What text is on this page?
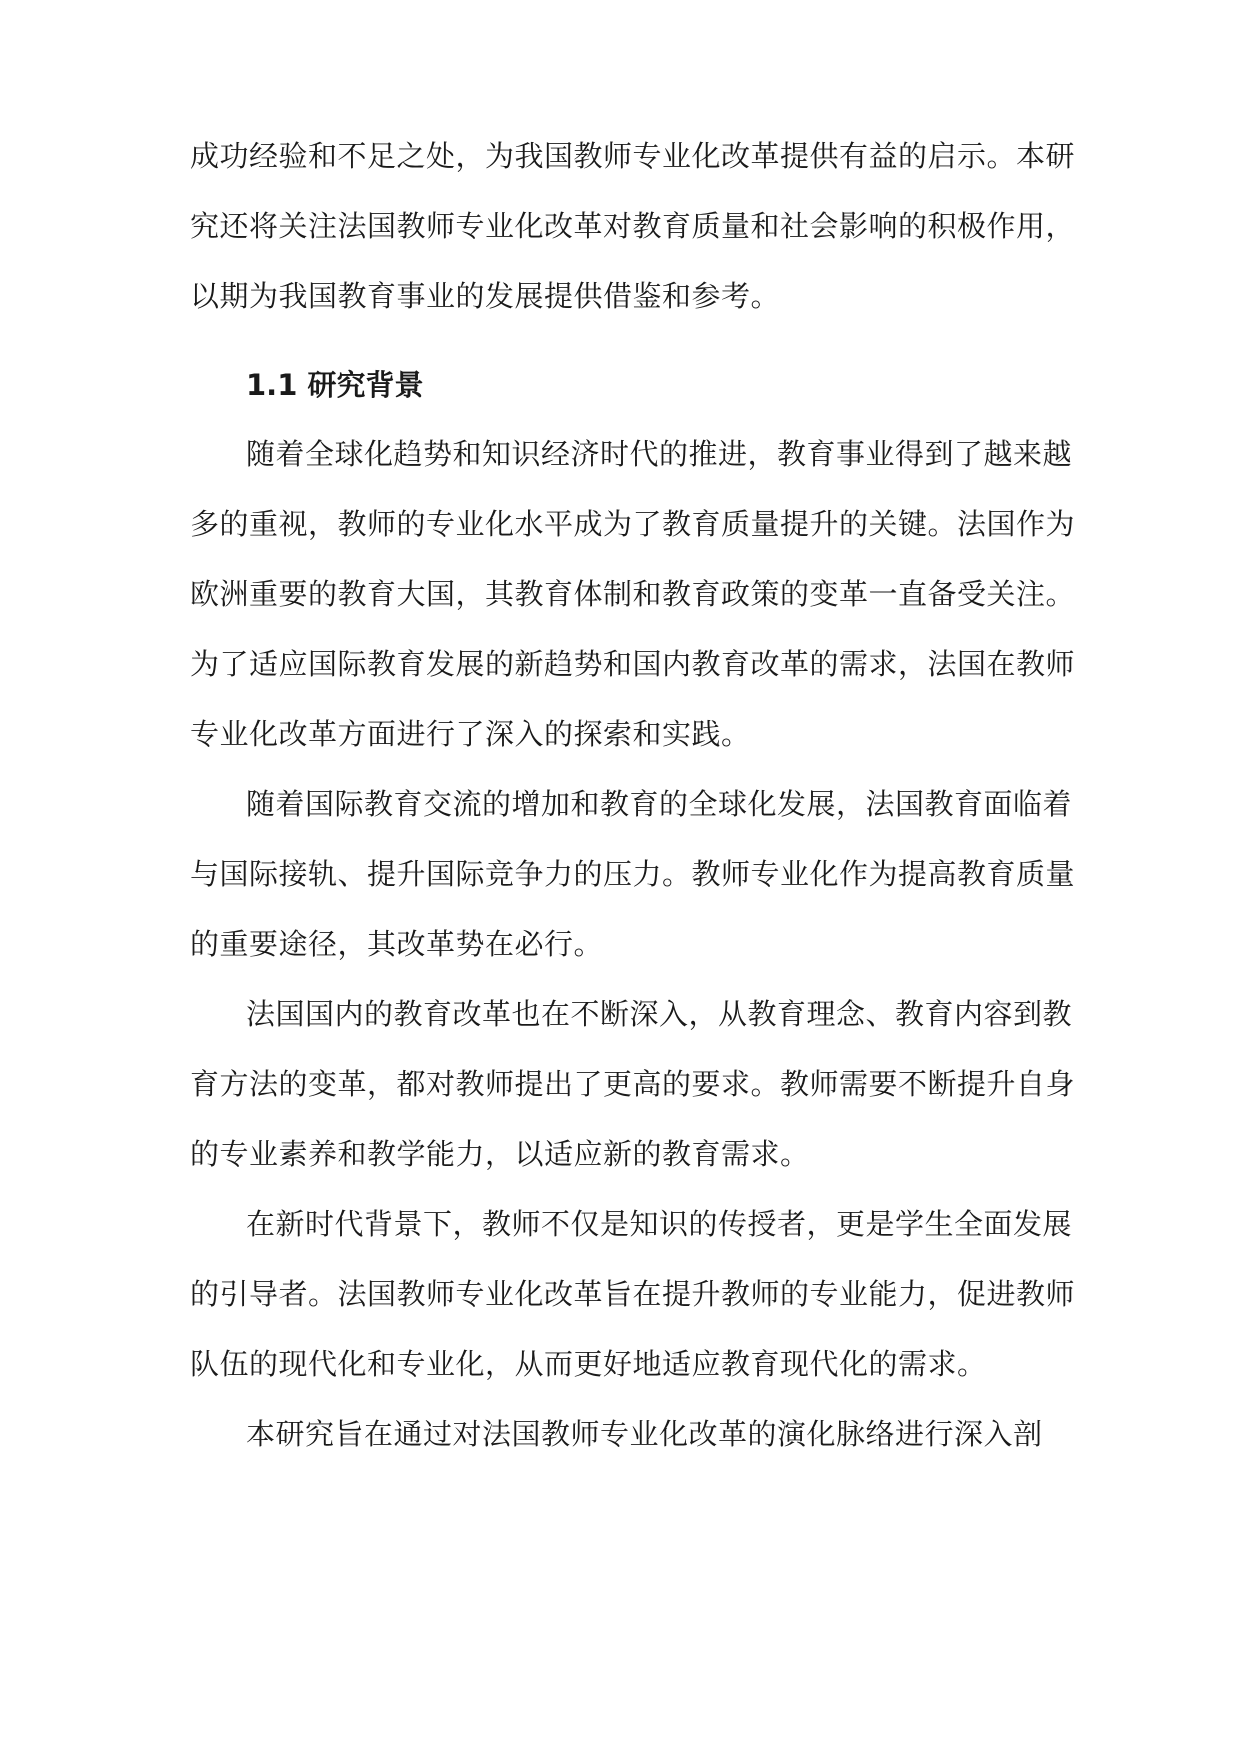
成功经验和不足之处，为我国教师专业化改革提供有益的启示。本研
究还将关注法国教师专业化改革对教育质量和社会影响的积极作用，
以期为我国教育事业的发展提供借鉴和参考。
1.1 研究背景
随着全球化趋势和知识经济时代的推进，教育事业得到了越来越
多的重视，教师的专业化水平成为了教育质量提升的关键。法国作为
欧洲重要的教育大国，其教育体制和教育政策的变革一直备受关注。
为了适应国际教育发展的新趋势和国内教育改革的需求，法国在教师
专业化改革方面进行了深入的探索和实践。
随着国际教育交流的增加和教育的全球化发展，法国教育面临着
与国际接轨、提升国际竞争力的压力。教师专业化作为提高教育质量
的重要途径，其改革势在必行。
法国国内的教育改革也在不断深入，从教育理念、教育内容到教
育方法的变革，都对教师提出了更高的要求。教师需要不断提升自身
的专业素养和教学能力，以适应新的教育需求。
在新时代背景下，教师不仅是知识的传授者，更是学生全面发展
的引导者。法国教师专业化改革旨在提升教师的专业能力，促进教师
队伍的现代化和专业化，从而更好地适应教育现代化的需求。
本研究旨在通过对法国教师专业化改革的演化脉络进行深入剖
